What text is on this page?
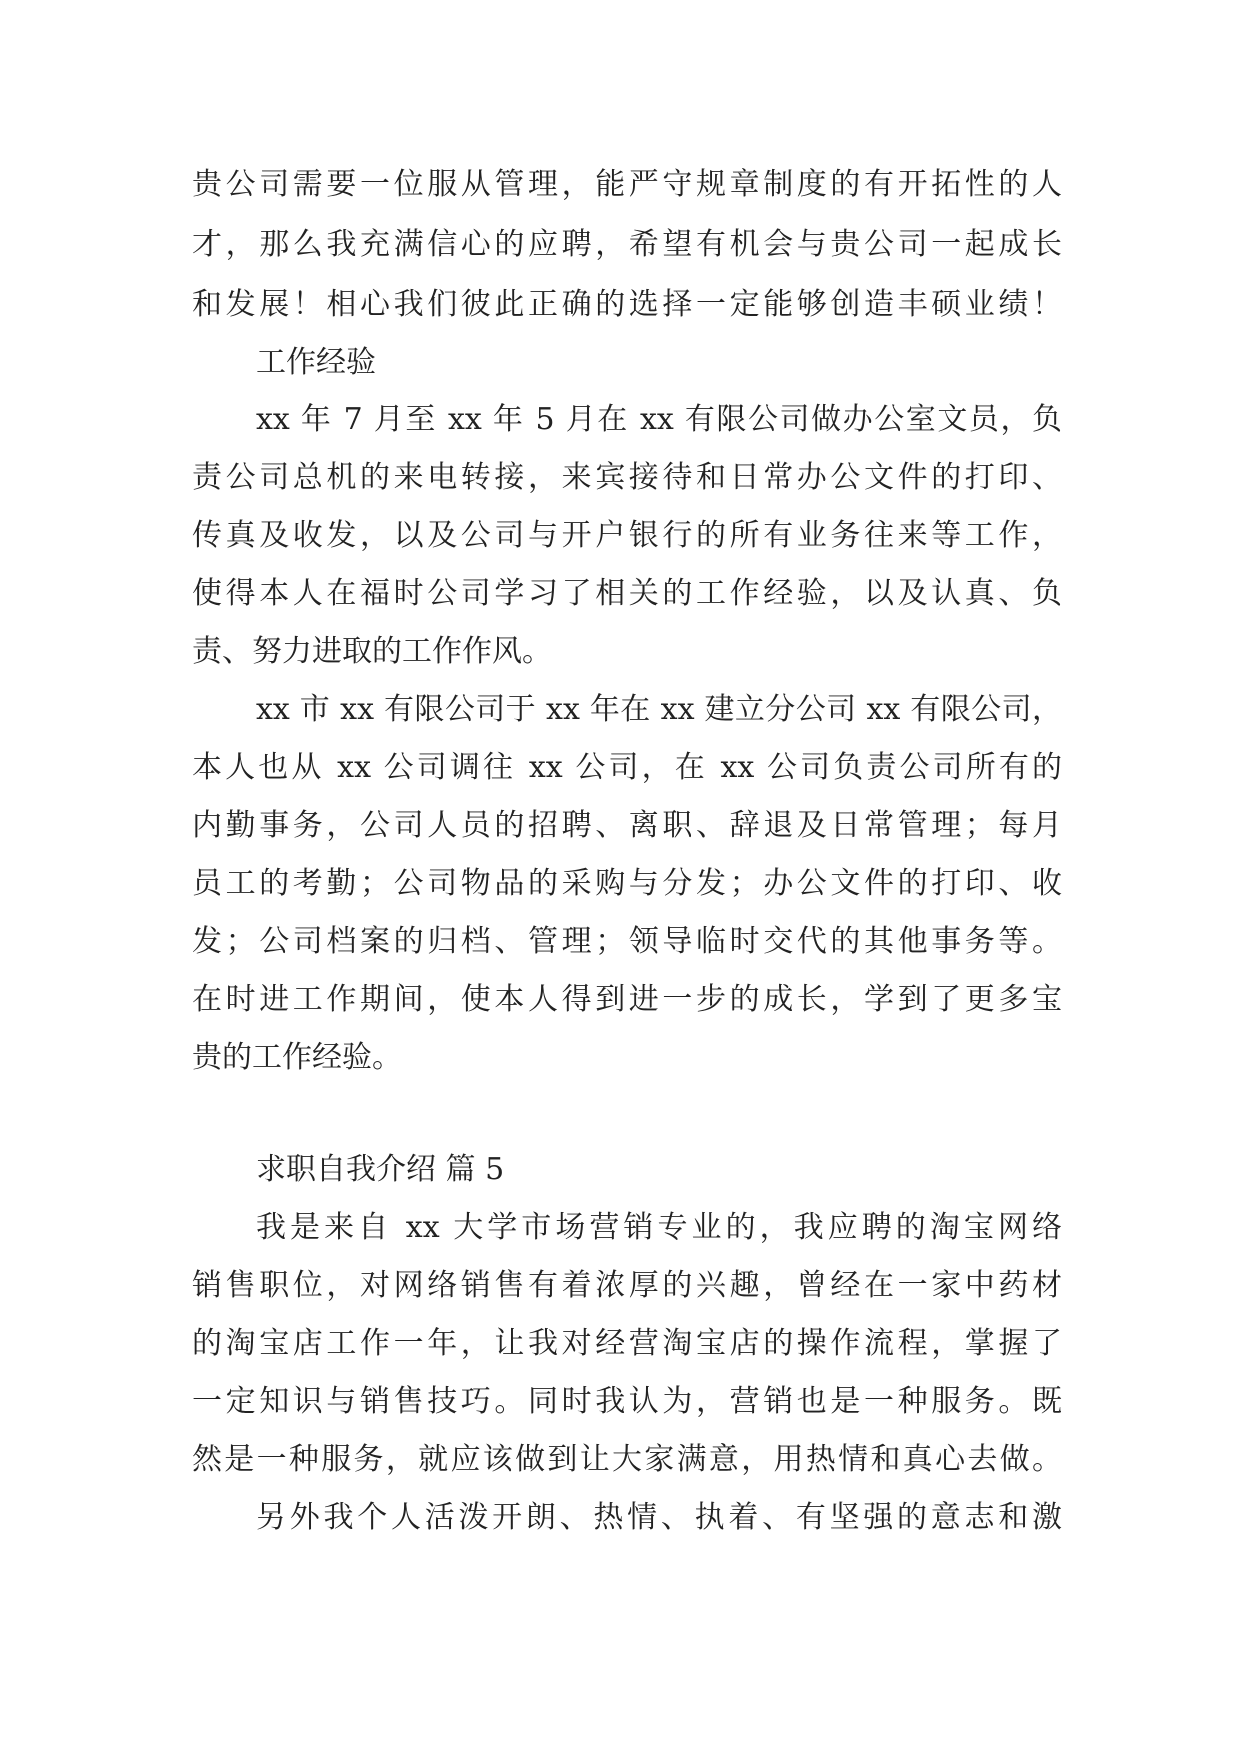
贵公司需要一位服从管理，能严守规章制度的有开拓性的人
才，那么我充满信心的应聘，希望有机会与贵公司一起成长
和发展！相心我们彼此正确的选择一定能够创造丰硕业绩！
工作经验
xx 年 7 月至 xx 年 5 月在 xx 有限公司做办公室文员，负
责公司总机的来电转接，来宾接待和日常办公文件的打印、
传真及收发，以及公司与开户银行的所有业务往来等工作，
使得本人在福时公司学习了相关的工作经验，以及认真、负
责、努力进取的工作作风。
xx 市 xx 有限公司于 xx 年在 xx 建立分公司 xx 有限公司，
本人也从 xx 公司调往 xx 公司，在 xx 公司负责公司所有的
内勤事务，公司人员的招聘、离职、辞退及日常管理；每月
员工的考勤；公司物品的采购与分发；办公文件的打印、收
发；公司档案的归档、管理；领导临时交代的其他事务等。
在时进工作期间，使本人得到进一步的成长，学到了更多宝
贵的工作经验。
求职自我介绍 篇 5
我是来自 xx 大学市场营销专业的，我应聘的淘宝网络
销售职位，对网络销售有着浓厚的兴趣，曾经在一家中药材
的淘宝店工作一年，让我对经营淘宝店的操作流程，掌握了
一定知识与销售技巧。同时我认为，营销也是一种服务。既
然是一种服务，就应该做到让大家满意，用热情和真心去做。
另外我个人活泼开朗、热情、执着、有坚强的意志和激
